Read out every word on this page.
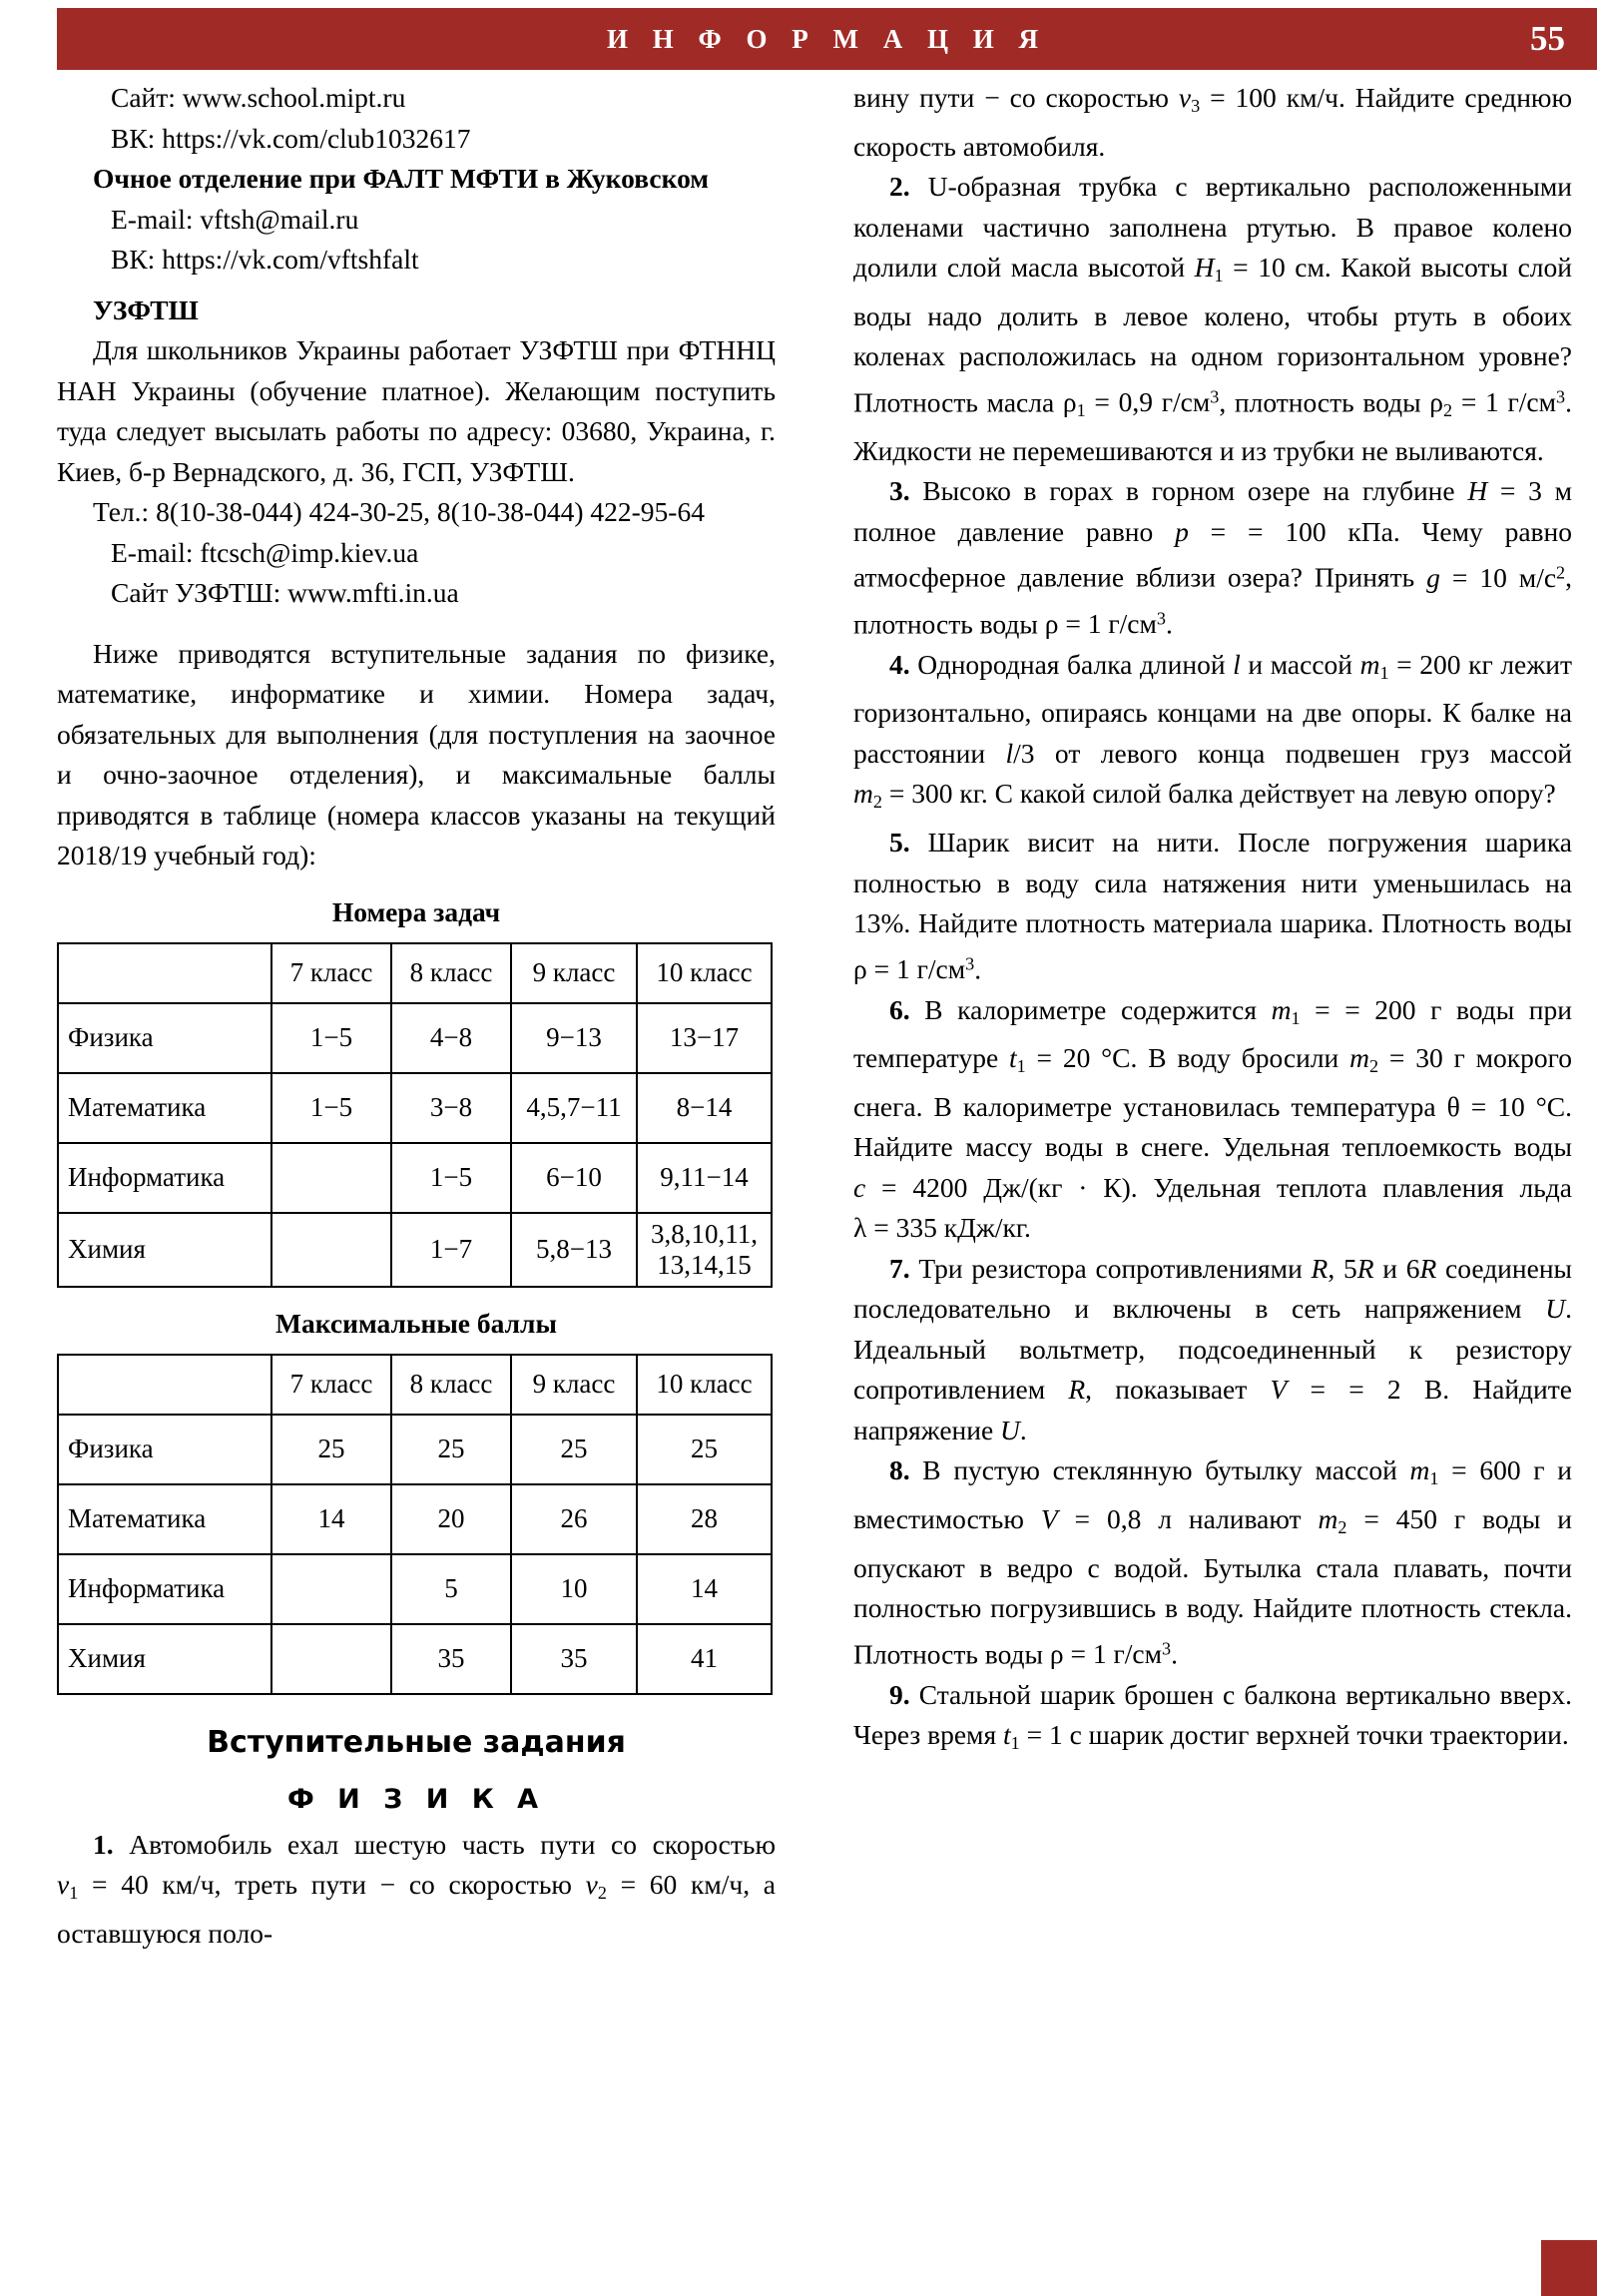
И Н Ф О Р М А Ц И Я	55

Сайт: www.school.mipt.ru

ВК: https://vk.com/club1032617

Очное отделение при ФАЛТ МФТИ в Жуковском

E-mail: vftsh@mail.ru

ВК: https://vk.com/vftshfalt

УЗФТШ

Для школьников Украины работает УЗФТШ при ФТННЦ НАН Украины (обучение платное). Желающим поступить туда следует высылать работы по адресу: 03680, Украина, г. Киев, б-р Вернадского, д. 36, ГСП, УЗФТШ.

Тел.: 8(10-38-044) 424-30-25, 8(10-38-044) 422-95-64

E-mail: ftcsch@imp.kiev.ua

Сайт УЗФТШ: www.mfti.in.ua

Ниже приводятся вступительные задания по физике, математике, информатике и химии. Номера задач, обязательных для выполнения (для поступления на заочное и очно-заочное отделения), и максимальные баллы приводятся в таблице (номера классов указаны на текущий 2018/19 учебный год):

Номера задач
	7 класс	8 класс	9 класс	10 класс
Физика	1−5	4−8	9−13	13−17
Математика	1−5	3−8	4,5,7−11	8−14
Информатика		1−5	6−10	9,11−14
Химия		1−7	5,8−13	3,8,10,11,
13,14,15
Максимальные баллы
	7 класс	8 класс	9 класс	10 класс
Физика	25	25	25	25
Математика	14	20	26	28
Информатика		5	10	14
Химия		35	35	41
Вступительные задания
Ф И З И К А

1. Автомобиль ехал шестую часть пути со скоростью $v_1 = 40$ км/ч, треть пути − со скоростью $v_2 = 60$ км/ч, а оставшуюся поло-

вину пути − со скоростью $v_3 = 100$ км/ч. Найдите среднюю скорость автомобиля.

2. U-образная трубка с вертикально расположенными коленами частично заполнена ртутью. В правое колено долили слой масла высотой $H_1 = 10$ см. Какой высоты слой воды надо долить в левое колено, чтобы ртуть в обоих коленах расположилась на одном горизонтальном уровне? Плотность масла $\rho_1 = 0,9$ $г/см^3$, плотность воды $\rho_2 = 1$ $г/см^3$. Жидкости не перемешиваются и из трубки не выливаются.

3. Высоко в горах в горном озере на глубине H = 3 м полное давление равно p = = 100 кПа. Чему равно атмосферное давление вблизи озера? Принять g = 10 $м/с^2$, плотность воды ρ = 1 $г/см^3$.

4. Однородная балка длиной l и массой $m_1 = 200$ кг лежит горизонтально, опираясь концами на две опоры. К балке на расстоянии l/3 от левого конца подвешен груз массой $m_2 = 300$ кг. С какой силой балка действует на левую опору?

5. Шарик висит на нити. После погружения шарика полностью в воду сила натяжения нити уменьшилась на 13%. Найдите плотность материала шарика. Плотность воды ρ = 1 $г/см^3$.

6. В калориметре содержится $m_1$ = = 200 г воды при температуре $t_1 = 20$ °C. В воду бросили $m_2 = 30$ г мокрого снега. В калориметре установилась температура θ = 10 °C. Найдите массу воды в снеге. Удельная теплоемкость воды c = 4200 Дж/(кг · К). Удельная теплота плавления льда λ = 335 кДж/кг.

7. Три резистора сопротивлениями R, 5R и 6R соединены последовательно и включены в сеть напряжением U. Идеальный вольтметр, подсоединенный к резистору сопротивлением R, показывает V = = 2 В. Найдите напряжение U.

8. В пустую стеклянную бутылку массой $m_1 = 600$ г и вместимостью V = 0,8 л наливают $m_2 = 450$ г воды и опускают в ведро с водой. Бутылка стала плавать, почти полностью погрузившись в воду. Найдите плотность стекла. Плотность воды ρ = 1 $г/см^3$.

9. Стальной шарик брошен с балкона вертикально вверх. Через время $t_1 = 1$ с шарик достиг верхней точки траектории.
